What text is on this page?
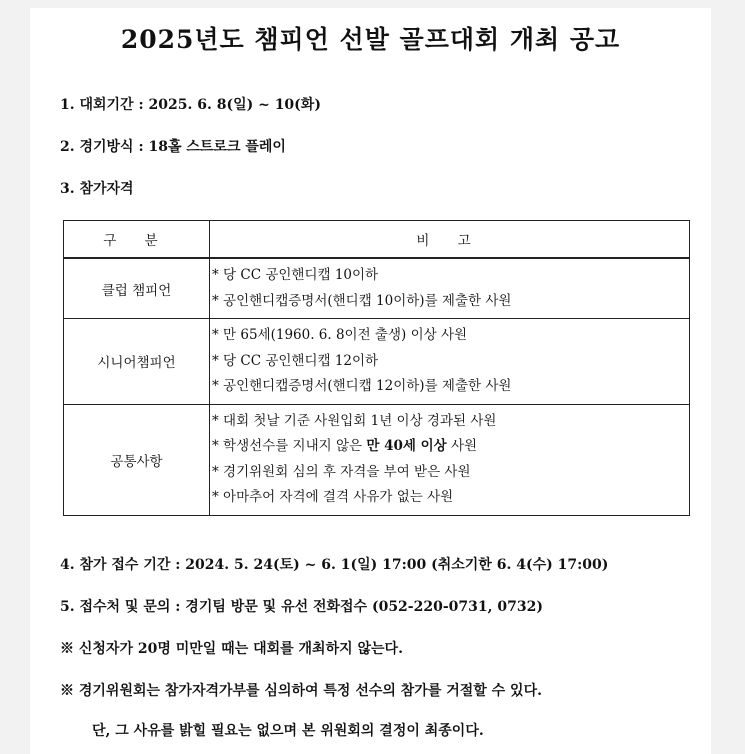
2025년도 챔피언 선발 골프대회 개최 공고
1. 대회기간 : 2025. 6. 8(일) ~ 10(화)
2. 경기방식 : 18홀 스트로크 플레이
3. 참가자격
구 분	비 고
클럽 챔피언	* 당 CC 공인핸디캡 10이하
* 공인핸디캡증명서(핸디캡 10이하)를 제출한 사원

시니어챔피언	* 만 65세(1960. 6. 8이전 출생) 이상 사원
* 당 CC 공인핸디캡 12이하
* 공인핸디캡증명서(핸디캡 12이하)를 제출한 사원

공통사항	* 대회 첫날 기준 사원입회 1년 이상 경과된 사원
* 학생선수를 지내지 않은 만 40세 이상 사원
* 경기위원회 심의 후 자격을 부여 받은 사원
* 아마추어 자격에 결격 사유가 없는 사원
4. 참가 접수 기간 : 2024. 5. 24(토) ~ 6. 1(일) 17:00 (취소기한 6. 4(수) 17:00)
5. 접수처 및 문의 : 경기팀 방문 및 유선 전화접수 (052-220-0731, 0732)
※ 신청자가 20명 미만일 때는 대회를 개최하지 않는다.
※ 경기위원회는 참가자격가부를 심의하여 특정 선수의 참가를 거절할 수 있다.
단, 그 사유를 밝힐 필요는 없으며 본 위원회의 결정이 최종이다.
